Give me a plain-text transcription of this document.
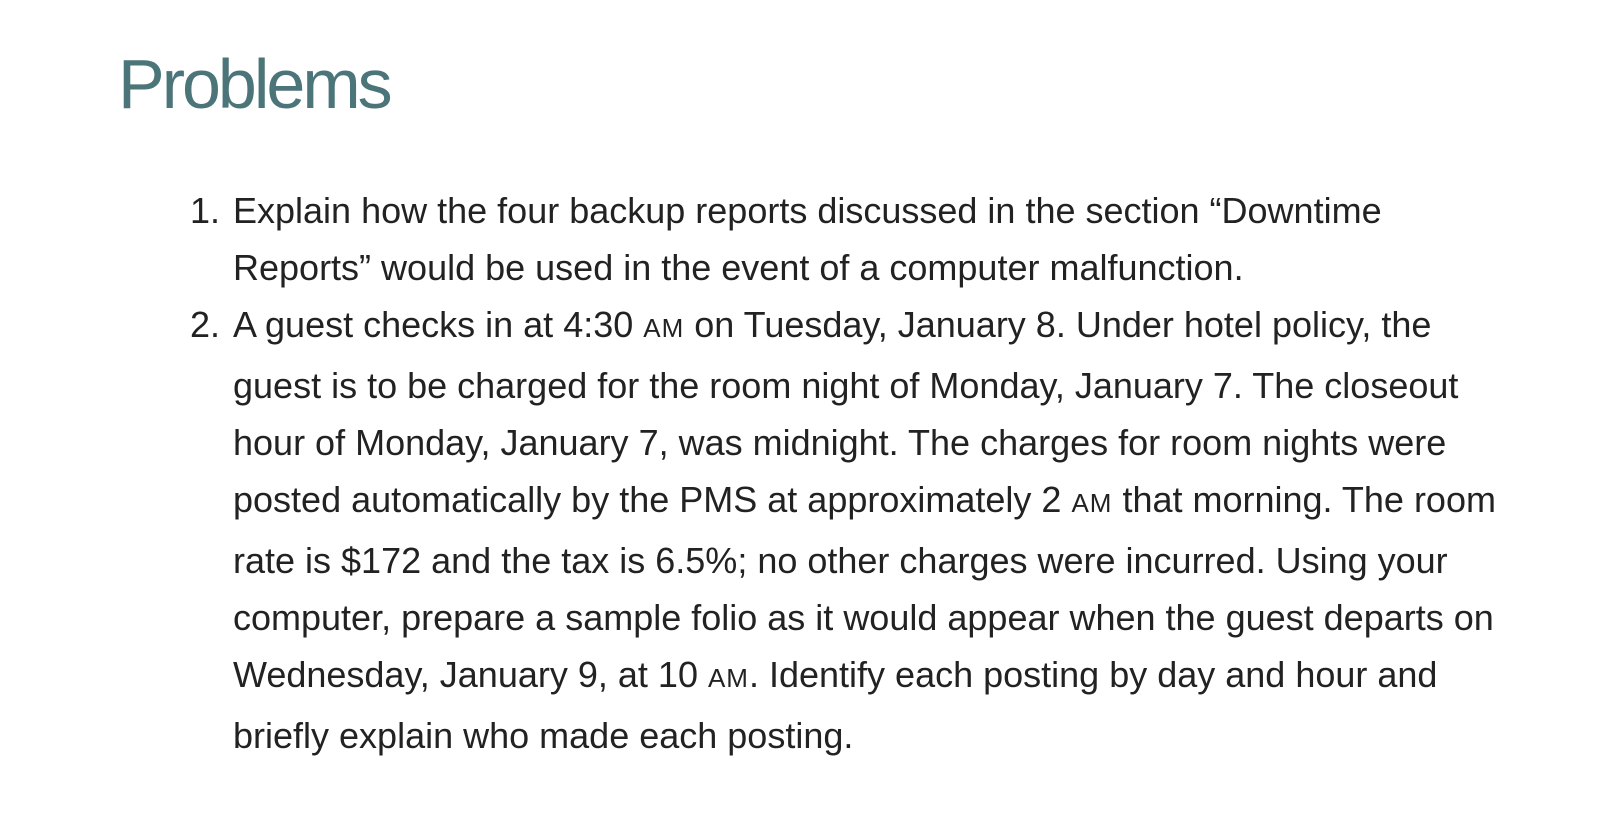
Problems
1. Explain how the four backup reports discussed in the section “Downtime Reports” would be used in the event of a computer malfunction.
2. A guest checks in at 4:30 AM on Tuesday, January 8. Under hotel policy, the guest is to be charged for the room night of Monday, January 7. The closeout hour of Monday, January 7, was midnight. The charges for room nights were posted automatically by the PMS at approximately 2 AM that morning. The room rate is $172 and the tax is 6.5%; no other charges were incurred. Using your computer, prepare a sample folio as it would appear when the guest departs on Wednesday, January 9, at 10 AM. Identify each posting by day and hour and briefly explain who made each posting.
